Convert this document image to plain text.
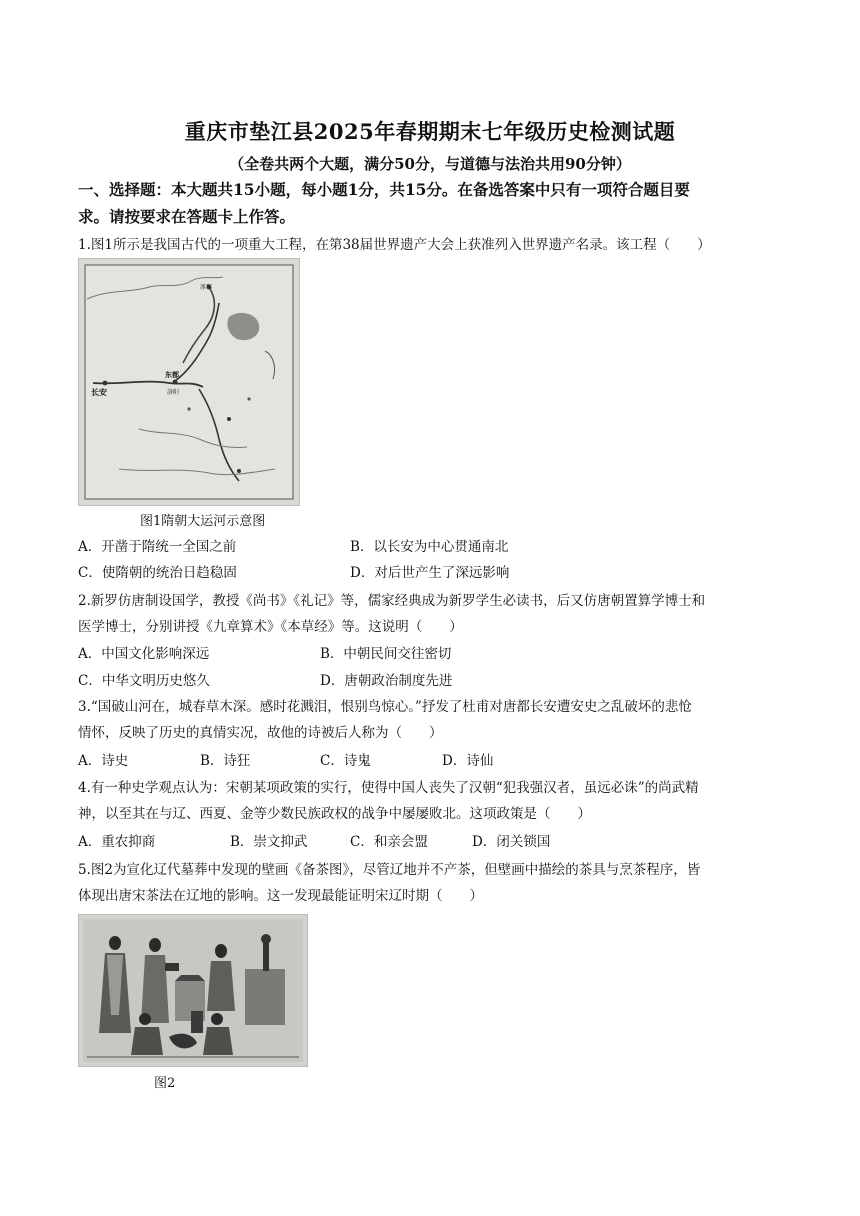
重庆市垫江县2025年春期期末七年级历史检测试题
（全卷共两个大题，满分50分，与道德与法治共用90分钟）
一、选择题：本大题共15小题，每小题1分，共15分。在备选答案中只有一项符合题目要
求。请按要求在答题卡上作答。
1.图1所示是我国古代的一项重大工程，在第38届世界遗产大会上获准列入世界遗产名录。该工程（　　）
涿郡
长安
东都
洛阳
图1隋朝大运河示意图
A．开凿于隋统一全国之前	B．以长安为中心贯通南北
C．使隋朝的统治日趋稳固	D．对后世产生了深远影响
2.新罗仿唐制设国学，教授《尚书》《礼记》等，儒家经典成为新罗学生必读书，后又仿唐朝置算学博士和
医学博士，分别讲授《九章算术》《本草经》等。这说明（　　）
A．中国文化影响深远	B．中朝民间交往密切
C．中华文明历史悠久	D．唐朝政治制度先进
3.“国破山河在，城春草木深。感时花溅泪，恨别鸟惊心。”抒发了杜甫对唐都长安遭安史之乱破坏的悲怆
情怀，反映了历史的真情实况，故他的诗被后人称为（　　）
A．诗史	B．诗狂	C．诗鬼	D．诗仙
4.有一种史学观点认为：宋朝某项政策的实行，使得中国人丧失了汉朝“犯我强汉者，虽远必诛”的尚武精
神，以至其在与辽、西夏、金等少数民族政权的战争中屡屡败北。这项政策是（　　）
A．重农抑商	B．崇文抑武	C．和亲会盟	D．闭关锁国
5.图2为宣化辽代墓葬中发现的壁画《备茶图》，尽管辽地并不产茶，但壁画中描绘的茶具与烹茶程序，皆
体现出唐宋茶法在辽地的影响。这一发现最能证明宋辽时期（　　）
图2
